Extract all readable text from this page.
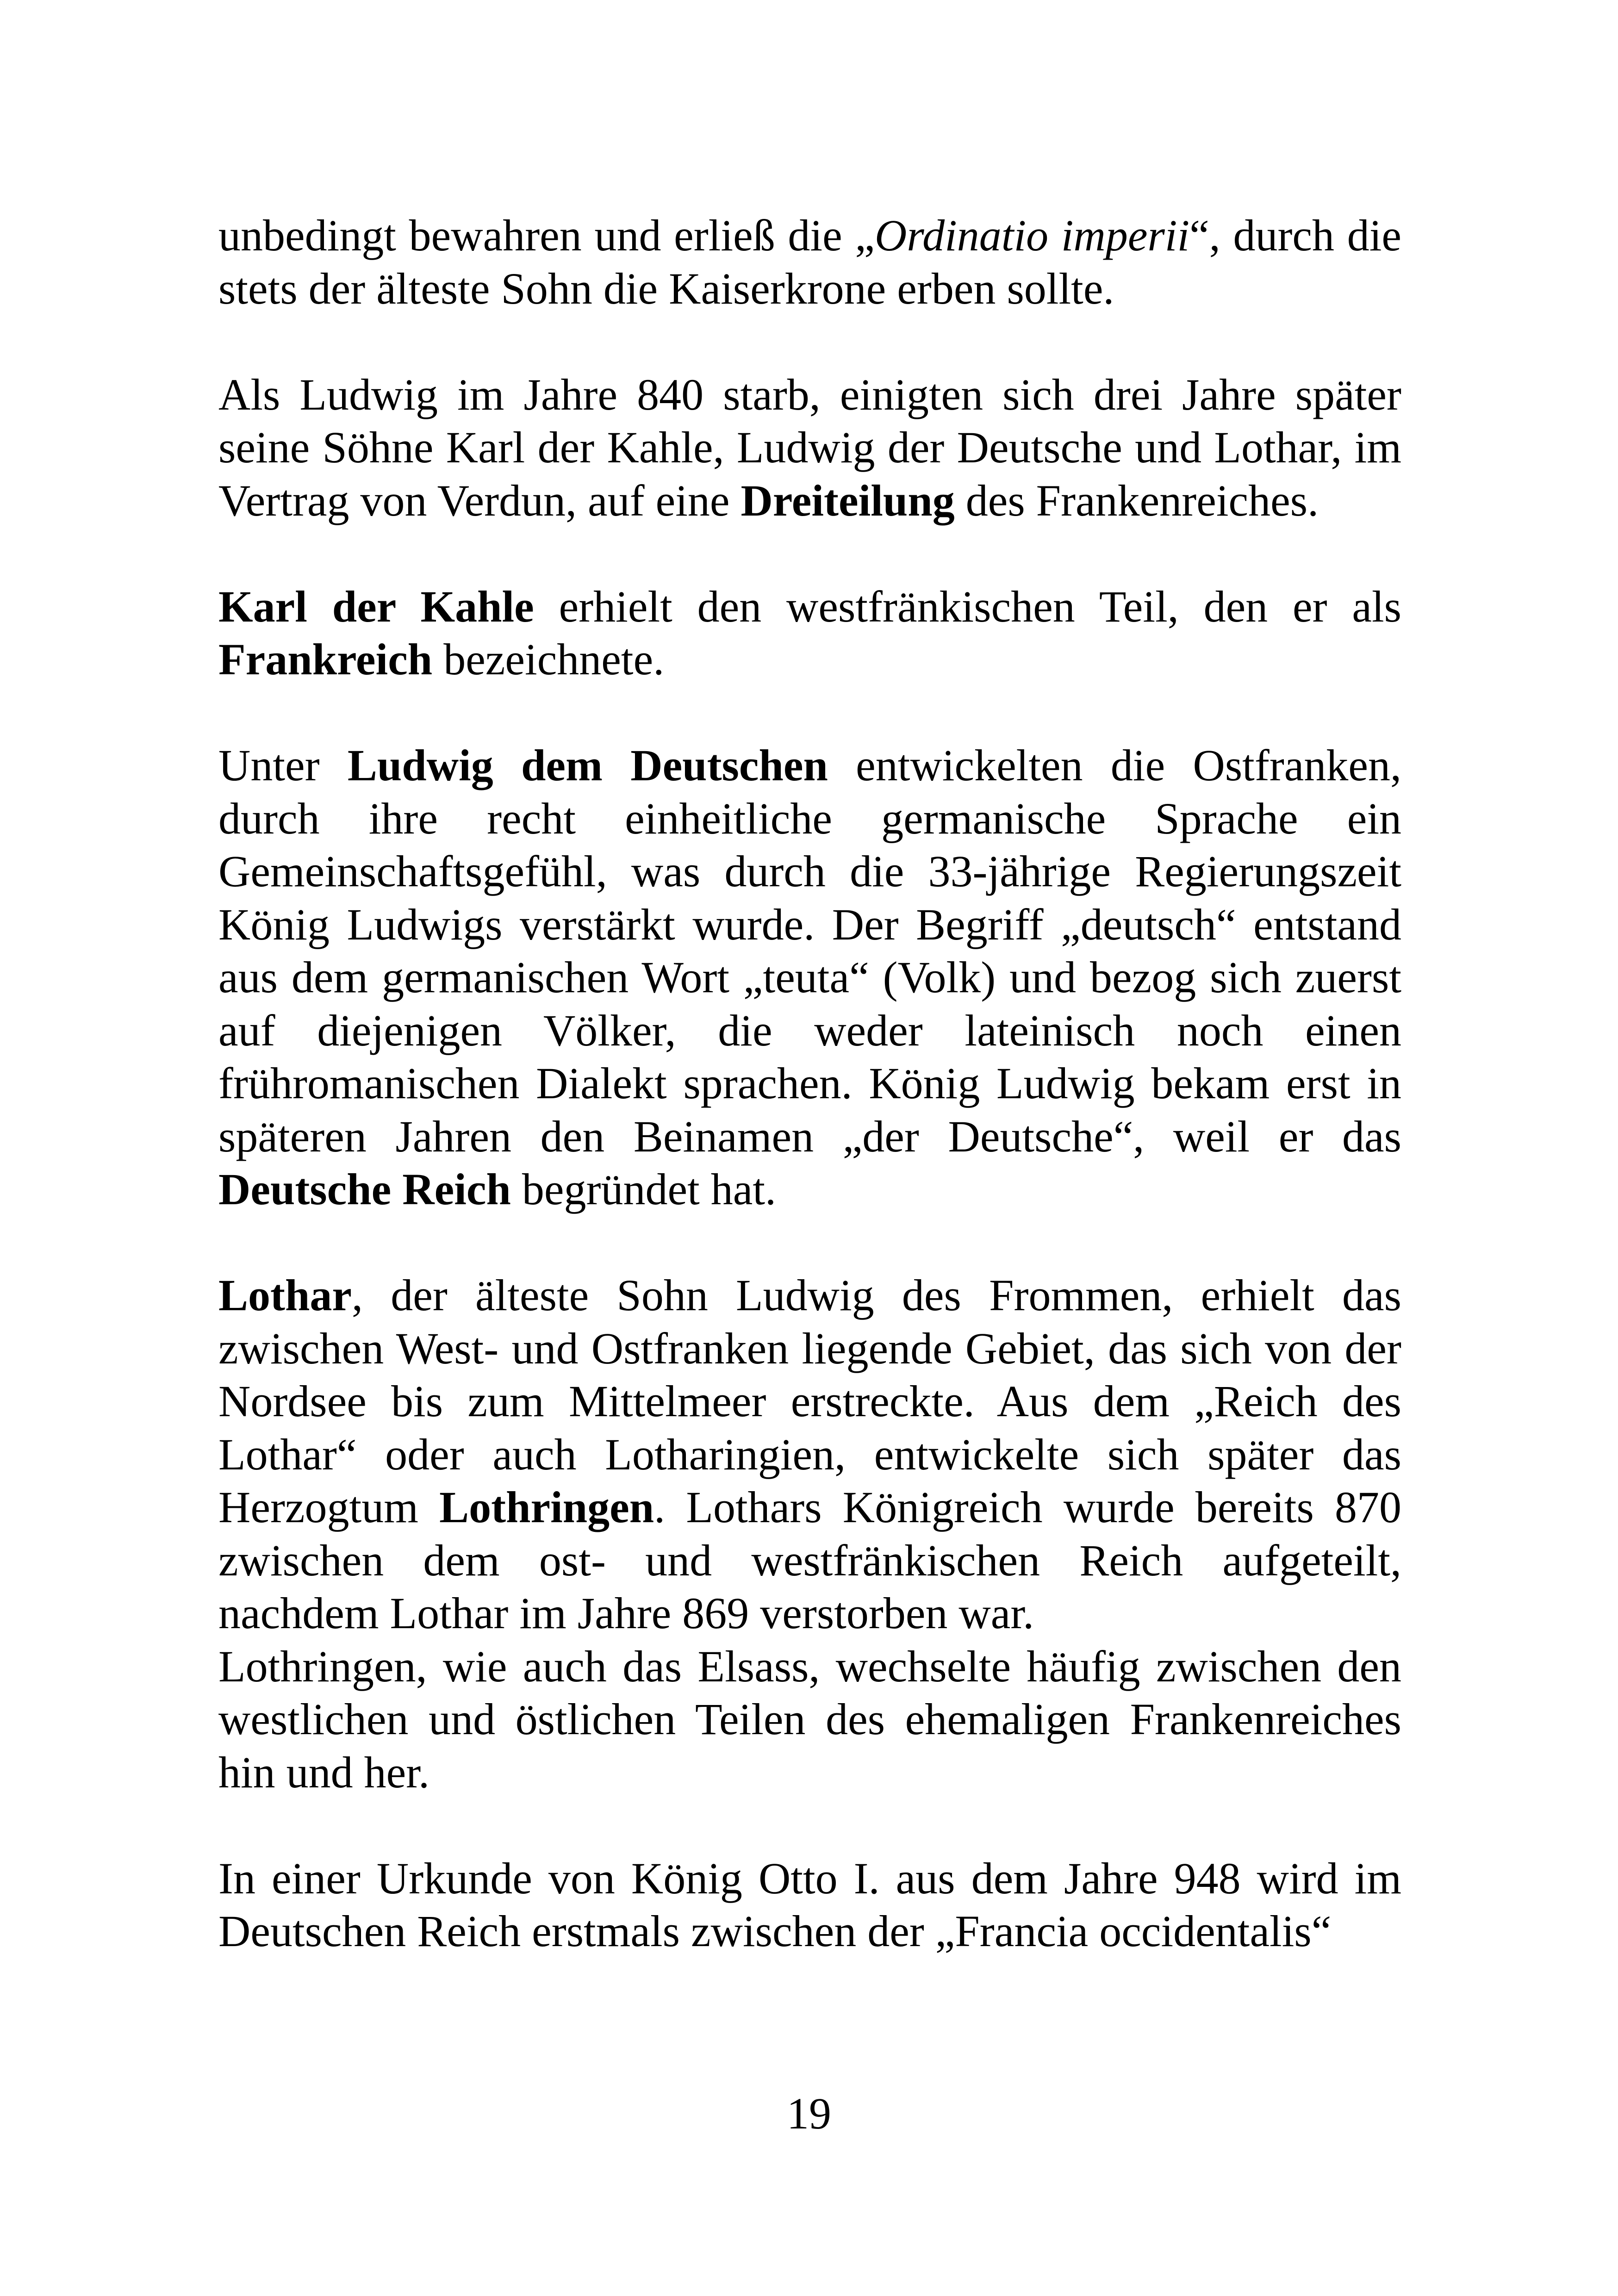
unbedingt bewahren und erließ die „Ordinatio imperii“, durch die stets der älteste Sohn die Kaiserkrone erben sollte.

Als Ludwig im Jahre 840 starb, einigten sich drei Jahre später seine Söhne Karl der Kahle, Ludwig der Deutsche und Lothar, im Vertrag von Verdun, auf eine Dreiteilung des Frankenreiches.

Karl der Kahle erhielt den westfränkischen Teil, den er als Frankreich bezeichnete.

Unter Ludwig dem Deutschen entwickelten die Ostfranken, durch ihre recht einheitliche germanische Sprache ein Gemeinschaftsgefühl, was durch die 33-jährige Regierungszeit König Ludwigs verstärkt wurde. Der Begriff „deutsch“ entstand aus dem germanischen Wort „teuta“ (Volk) und bezog sich zuerst auf diejenigen Völker, die weder lateinisch noch einen frühromanischen Dialekt sprachen. König Ludwig bekam erst in späteren Jahren den Beinamen „der Deutsche“, weil er das Deutsche Reich begründet hat.

Lothar, der älteste Sohn Ludwig des Frommen, erhielt das zwischen West- und Ostfranken liegende Gebiet, das sich von der Nordsee bis zum Mittelmeer erstreckte. Aus dem „Reich des Lothar“ oder auch Lotharingien, entwickelte sich später das Herzogtum Lothringen. Lothars Königreich wurde bereits 870 zwischen dem ost- und westfränkischen Reich aufgeteilt, nachdem Lothar im Jahre 869 verstorben war.

Lothringen, wie auch das Elsass, wechselte häufig zwischen den westlichen und östlichen Teilen des ehemaligen Frankenreiches hin und her.

In einer Urkunde von König Otto I. aus dem Jahre 948 wird im Deutschen Reich erstmals zwischen der „Francia occidentalis“

19
